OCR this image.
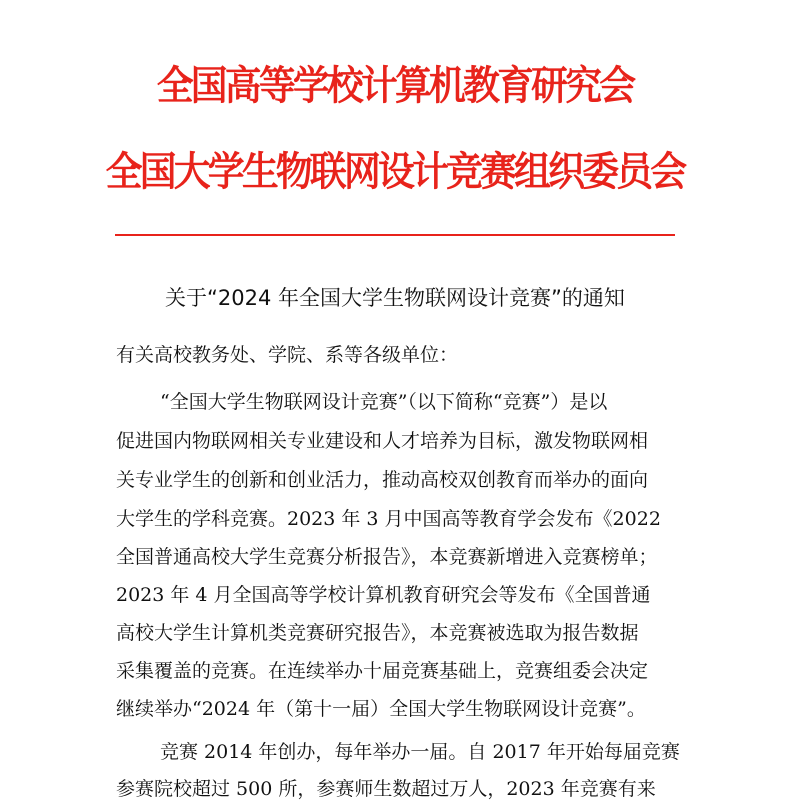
全国高等学校计算机教育研究会
全国大学生物联网设计竞赛组织委员会
关于“2024 年全国大学生物联网设计竞赛”的通知
有关高校教务处、学院、系等各级单位：
“全国大学生物联网设计竞赛”（以下简称“竞赛”）是以
促进国内物联网相关专业建设和人才培养为目标，激发物联网相
关专业学生的创新和创业活力，推动高校双创教育而举办的面向
大学生的学科竞赛。2023 年 3 月中国高等教育学会发布《2022
全国普通高校大学生竞赛分析报告》，本竞赛新增进入竞赛榜单；
2023 年 4 月全国高等学校计算机教育研究会等发布《全国普通
高校大学生计算机类竞赛研究报告》，本竞赛被选取为报告数据
采集覆盖的竞赛。在连续举办十届竞赛基础上，竞赛组委会决定
继续举办“2024 年（第十一届）全国大学生物联网设计竞赛”。
竞赛 2014 年创办，每年举办一届。自 2017 年开始每届竞赛
参赛院校超过 500 所，参赛师生数超过万人，2023 年竞赛有来
